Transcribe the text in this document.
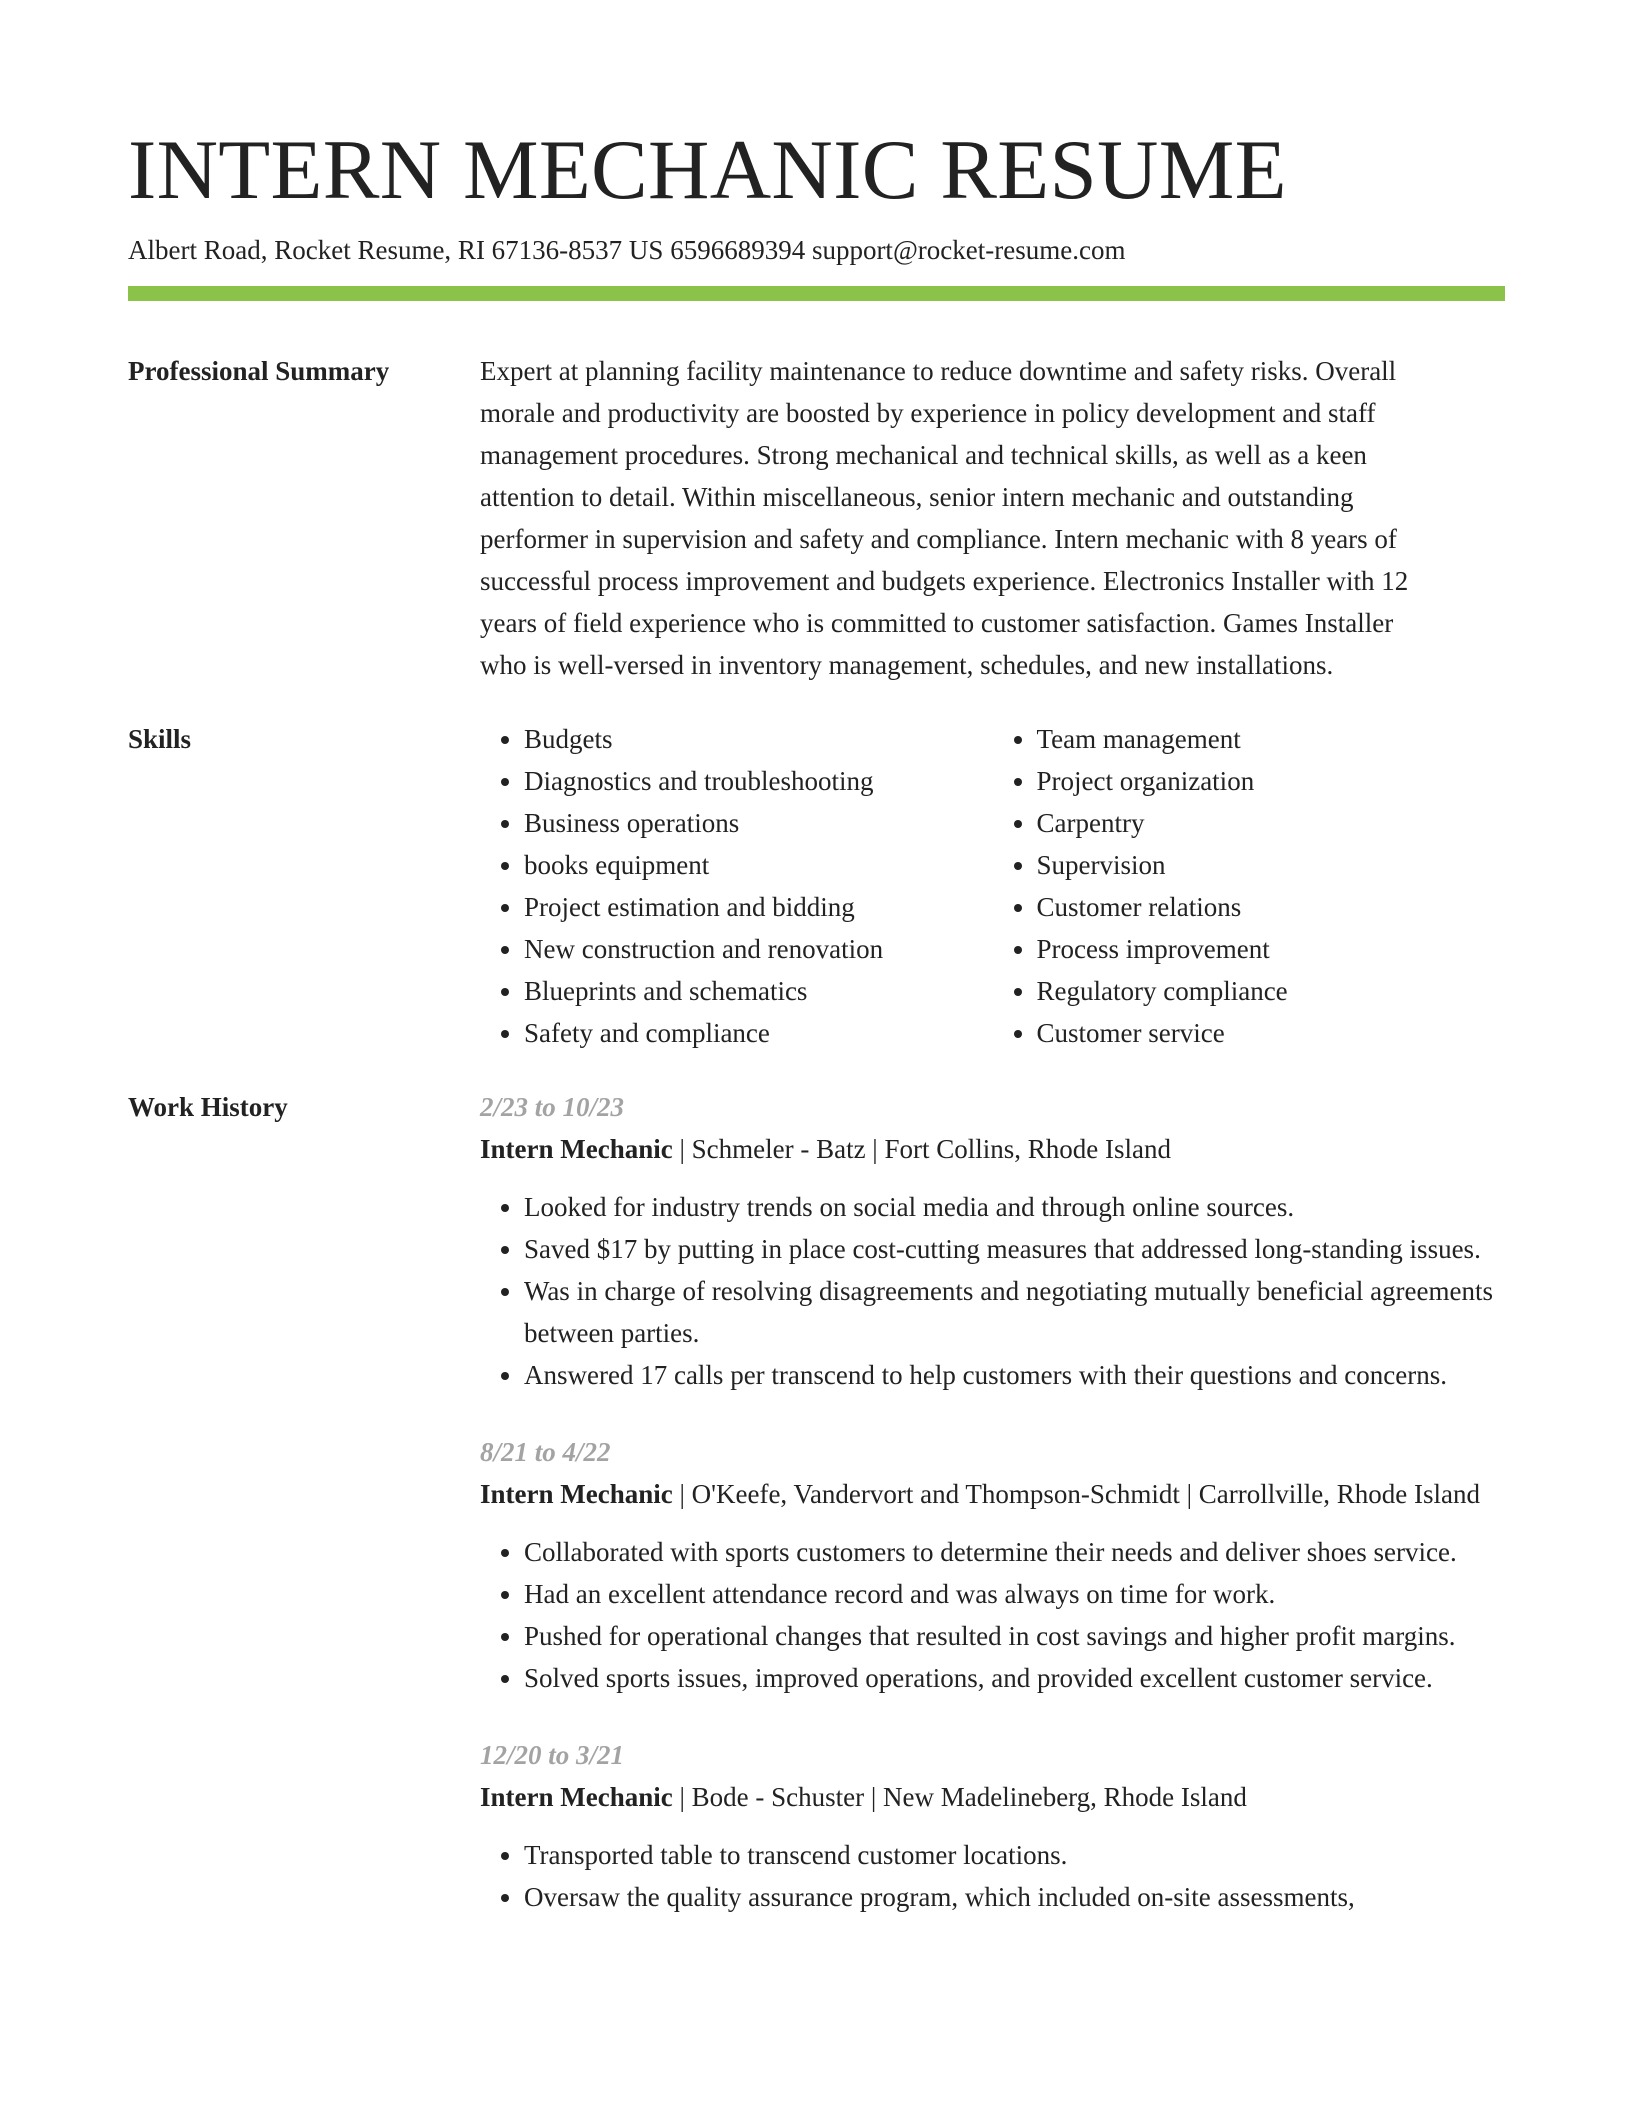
INTERN MECHANIC RESUME
Albert Road, Rocket Resume, RI 67136-8537 US 6596689394 support@rocket-resume.com
Professional Summary	Expert at planning facility maintenance to reduce downtime and safety risks. Overall
morale and productivity are boosted by experience in policy development and staff
management procedures. Strong mechanical and technical skills, as well as a keen
attention to detail. Within miscellaneous, senior intern mechanic and outstanding
performer in supervision and safety and compliance. Intern mechanic with 8 years of
successful process improvement and budgets experience. Electronics Installer with 12
years of field experience who is committed to customer satisfaction. Games Installer
who is well-versed in inventory management, schedules, and new installations.

Skills
•	Budgets
• Diagnostics and troubleshooting
• Business operations
• books equipment
• Project estimation and bidding
• New construction and renovation
• Blueprints and schematics
• Safety and compliance
• Team management
• Project organization
• Carpentry
• Supervision
• Customer relations
• Process improvement
• Regulatory compliance
• Customer service
Work History	2/23 to 10/23
Intern Mechanic | Schmeler - Batz | Fort Collins, Rhode Island
• Looked for industry trends on social media and through online sources.
• Saved $17 by putting in place cost-cutting measures that addressed long-standing issues.
• Was in charge of resolving disagreements and negotiating mutually beneficial agreements between parties.
• Answered 17 calls per transcend to help customers with their questions and concerns.
8/21 to 4/22
Intern Mechanic | O'Keefe, Vandervort and Thompson-Schmidt | Carrollville, Rhode Island
• Collaborated with sports customers to determine their needs and deliver shoes service.
• Had an excellent attendance record and was always on time for work.
• Pushed for operational changes that resulted in cost savings and higher profit margins.
• Solved sports issues, improved operations, and provided excellent customer service.
12/20 to 3/21
Intern Mechanic | Bode - Schuster | New Madelineberg, Rhode Island
• Transported table to transcend customer locations.
• Oversaw the quality assurance program, which included on-site assessments,
